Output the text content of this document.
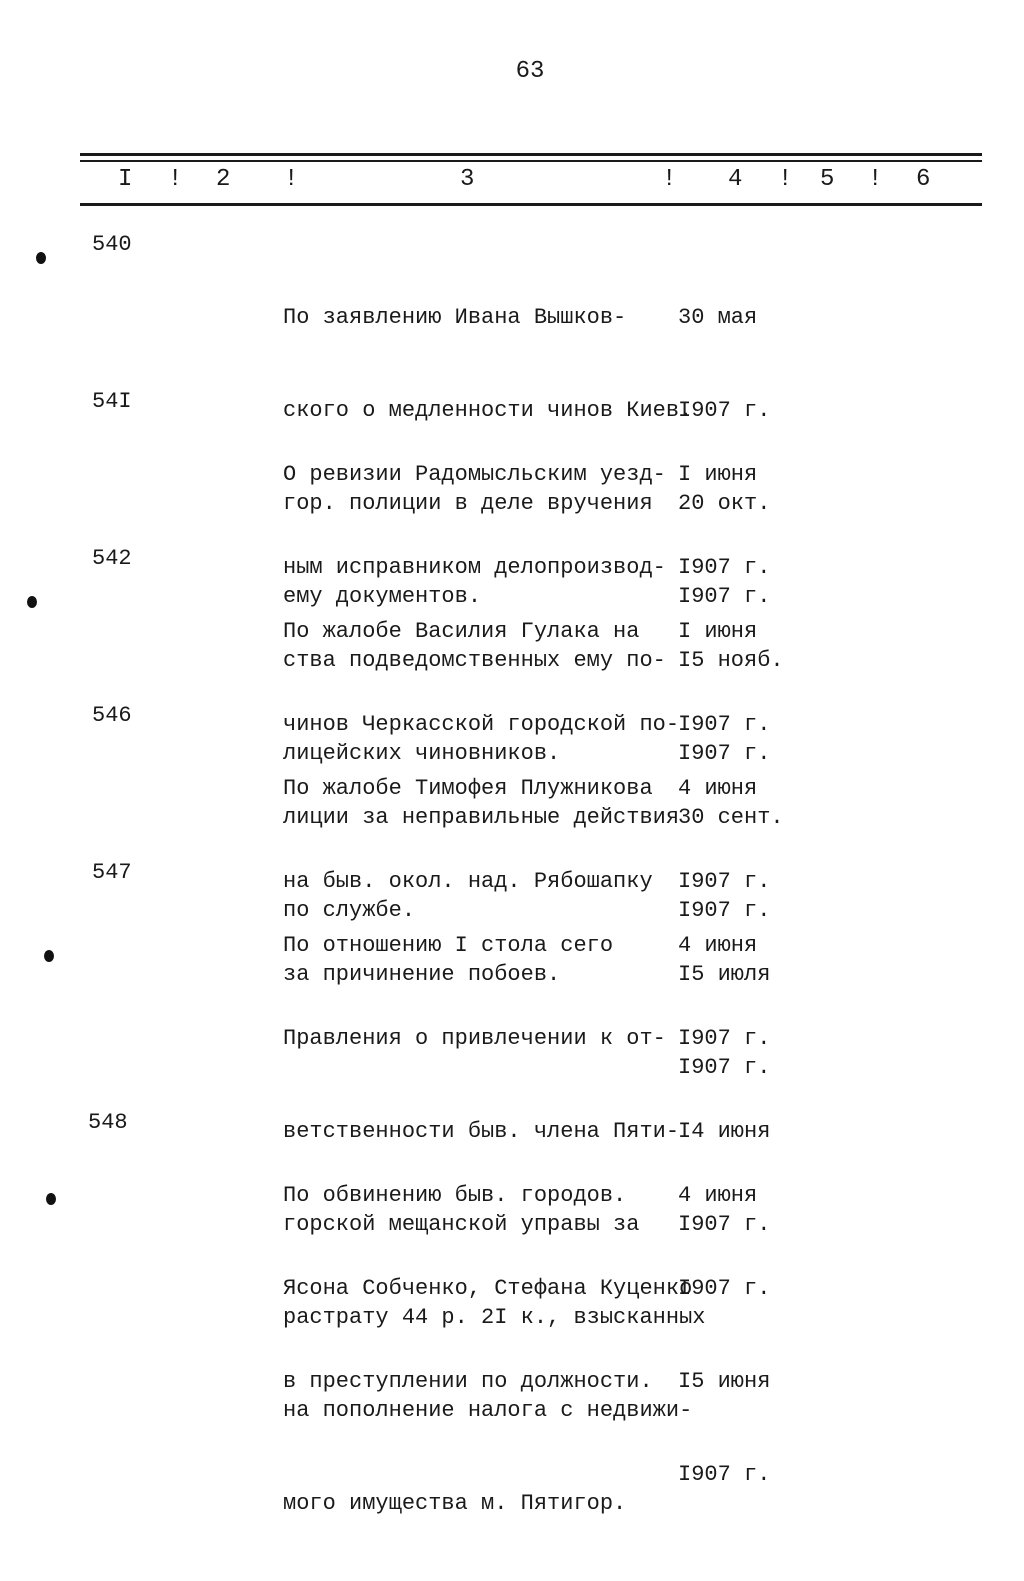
63
I ! 2 !	3	! 4 ! 5 ! 6
540

По заявлению Ивана Вышков-

ского о медленности чинов Киев.

гор. полиции в деле вручения

ему документов.

30 мая

I907 г.

20 окт.

I907 г.

54I

О ревизии Радомысльским уезд-

ным исправником делопроизвод-

ства подведомственных ему по-

лицейских чиновников.

I июня

I907 г.

I5 нояб.

I907 г.

542

По жалобе Василия Гулака на

чинов Черкасской городской по-

лиции за неправильные действия

по службе.

I июня

I907 г.

30 сент.

I907 г.

546

По жалобе Тимофея Плужникова

на быв. окол. над. Рябошапку

за причинение побоев.

4 июня

I907 г.

I5 июля

I907 г.

547

По отношению I стола сего

Правления о привлечении к от-

ветственности быв. члена Пяти-

горской мещанской управы за

растрату 44 р. 2I к., взысканных

на пополнение налога с недвижи-

мого имущества м. Пятигор.

4 июня

I907 г.

I4 июня

I907 г.

548

По обвинению быв. городов.

Ясона Собченко, Стефана Куценко

в преступлении по должности.

4 июня

I907 г.

I5 июня

I907 г.
